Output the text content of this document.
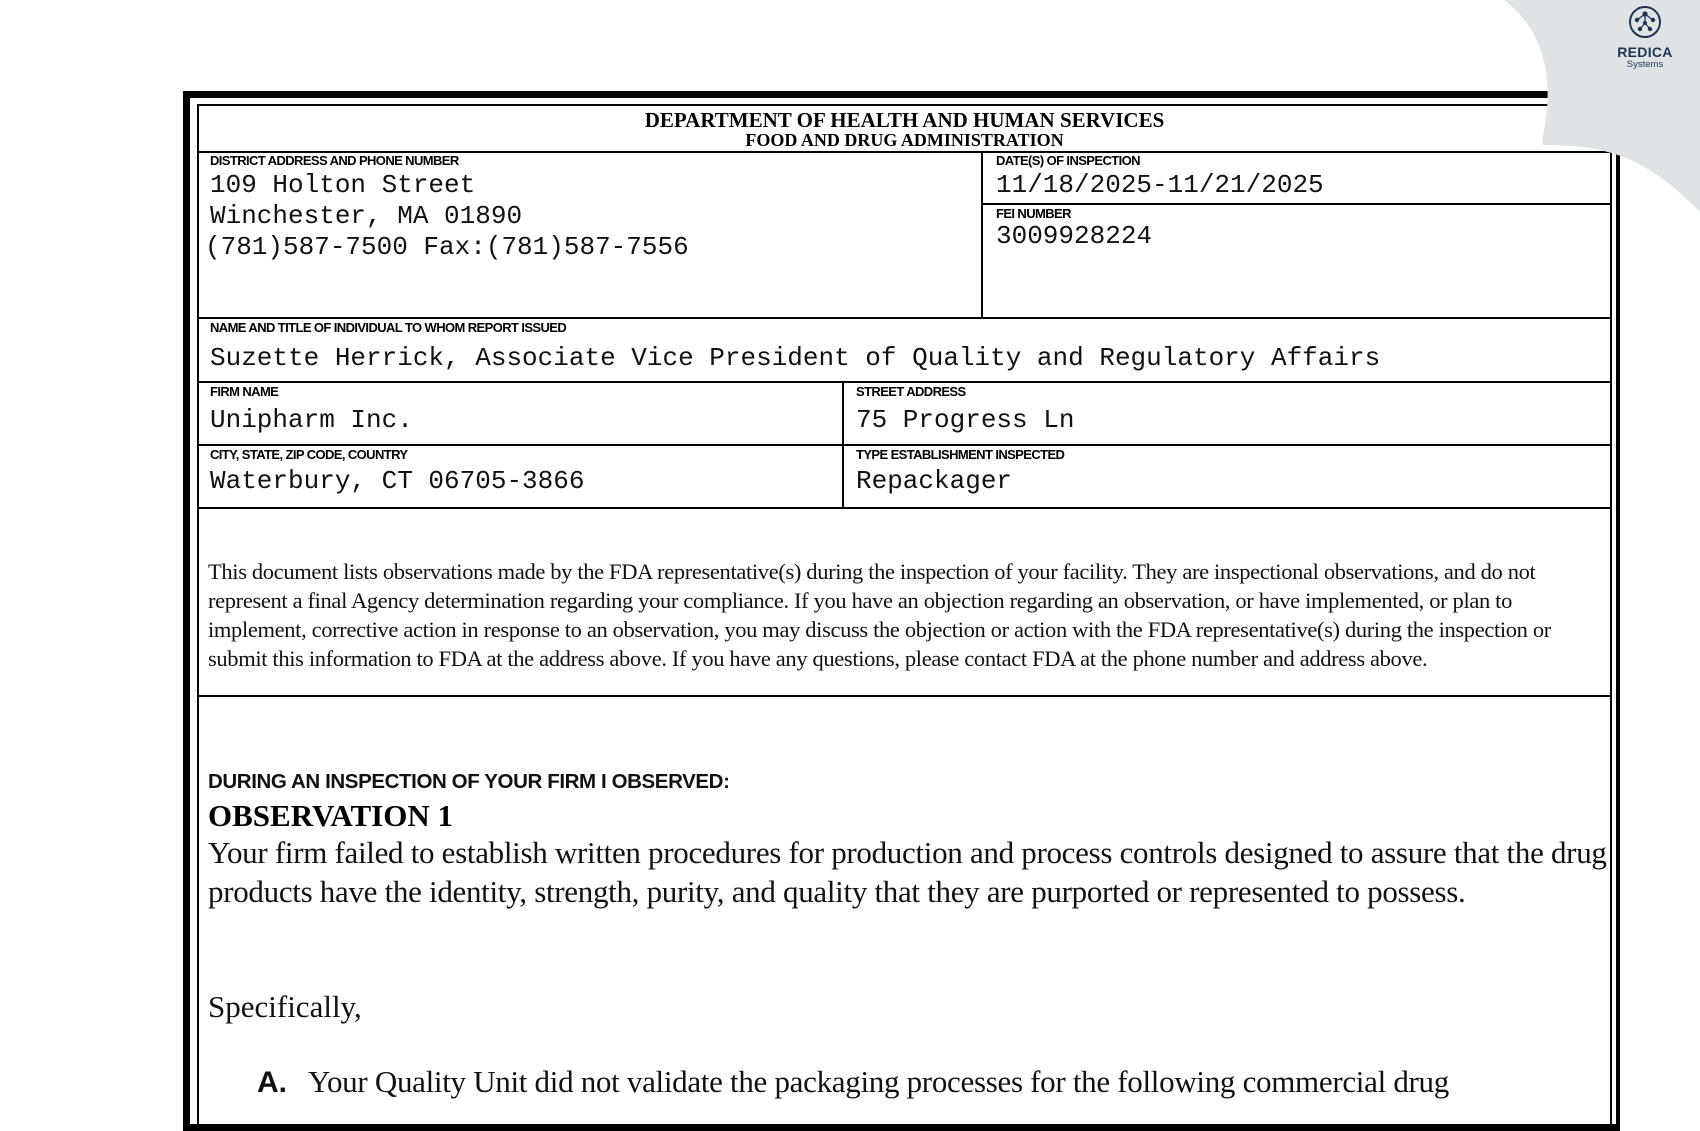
DEPARTMENT OF HEALTH AND HUMAN SERVICES
FOOD AND DRUG ADMINISTRATION
DISTRICT ADDRESS AND PHONE NUMBER
109 Holton Street
Winchester, MA 01890
(781)587-7500 Fax:(781)587-7556
DATE(S) OF INSPECTION
11/18/2025-11/21/2025
FEI NUMBER
3009928224
NAME AND TITLE OF INDIVIDUAL TO WHOM REPORT ISSUED
Suzette Herrick, Associate Vice President of Quality and Regulatory Affairs
FIRM NAME
Unipharm Inc.
STREET ADDRESS
75 Progress Ln
CITY, STATE, ZIP CODE, COUNTRY
Waterbury, CT 06705-3866
TYPE ESTABLISHMENT INSPECTED
Repackager
This document lists observations made by the FDA representative(s) during the inspection of your facility. They are inspectional observations, and do not represent a final Agency determination regarding your compliance. If you have an objection regarding an observation, or have implemented, or plan to implement, corrective action in response to an observation, you may discuss the objection or action with the FDA representative(s) during the inspection or submit this information to FDA at the address above. If you have any questions, please contact FDA at the phone number and address above.
DURING AN INSPECTION OF YOUR FIRM I OBSERVED:
OBSERVATION 1
Your firm failed to establish written procedures for production and process controls designed to assure that the drug products have the identity, strength, purity, and quality that they are purported or represented to possess.
Specifically,
A. Your Quality Unit did not validate the packaging processes for the following commercial drug
REDICA
Systems
